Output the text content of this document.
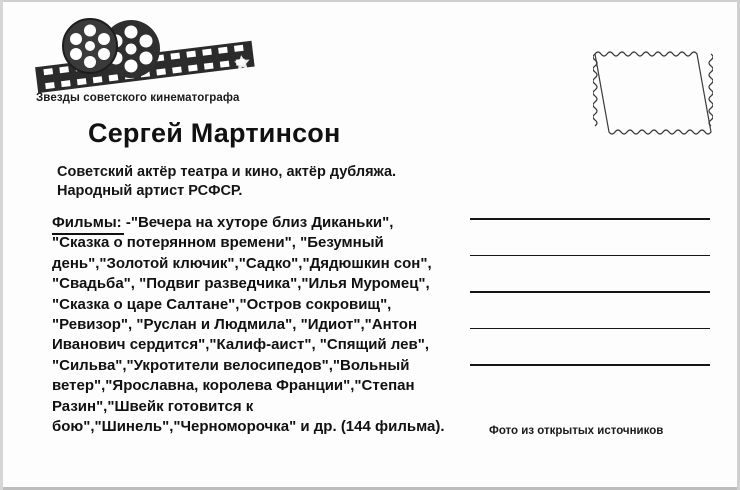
Звезды советского кинематографа
Сергей Мартинсон
Советский актёр театра и кино, актёр дубляжа.
Народный артист РСФСР.
Фильмы: -"Вечера на хуторе близ Диканьки", "Сказка о потерянном времени", "Безумный день","Золотой ключик","Садко","Дядюшкин сон", "Свадьба", "Подвиг разведчика","Илья Муромец", "Сказка о царе Салтане","Остров сокровищ", "Ревизор", "Руслан и Людмила", "Идиот","Антон Иванович сердится","Калиф-аист", "Спящий лев", "Сильва","Укротители велосипедов","Вольный ветер","Ярославна, королева Франции","Степан Разин","Швейк готовится к бою","Шинель","Черноморочка" и др. (144 фильма).	Фото из открытых источников
